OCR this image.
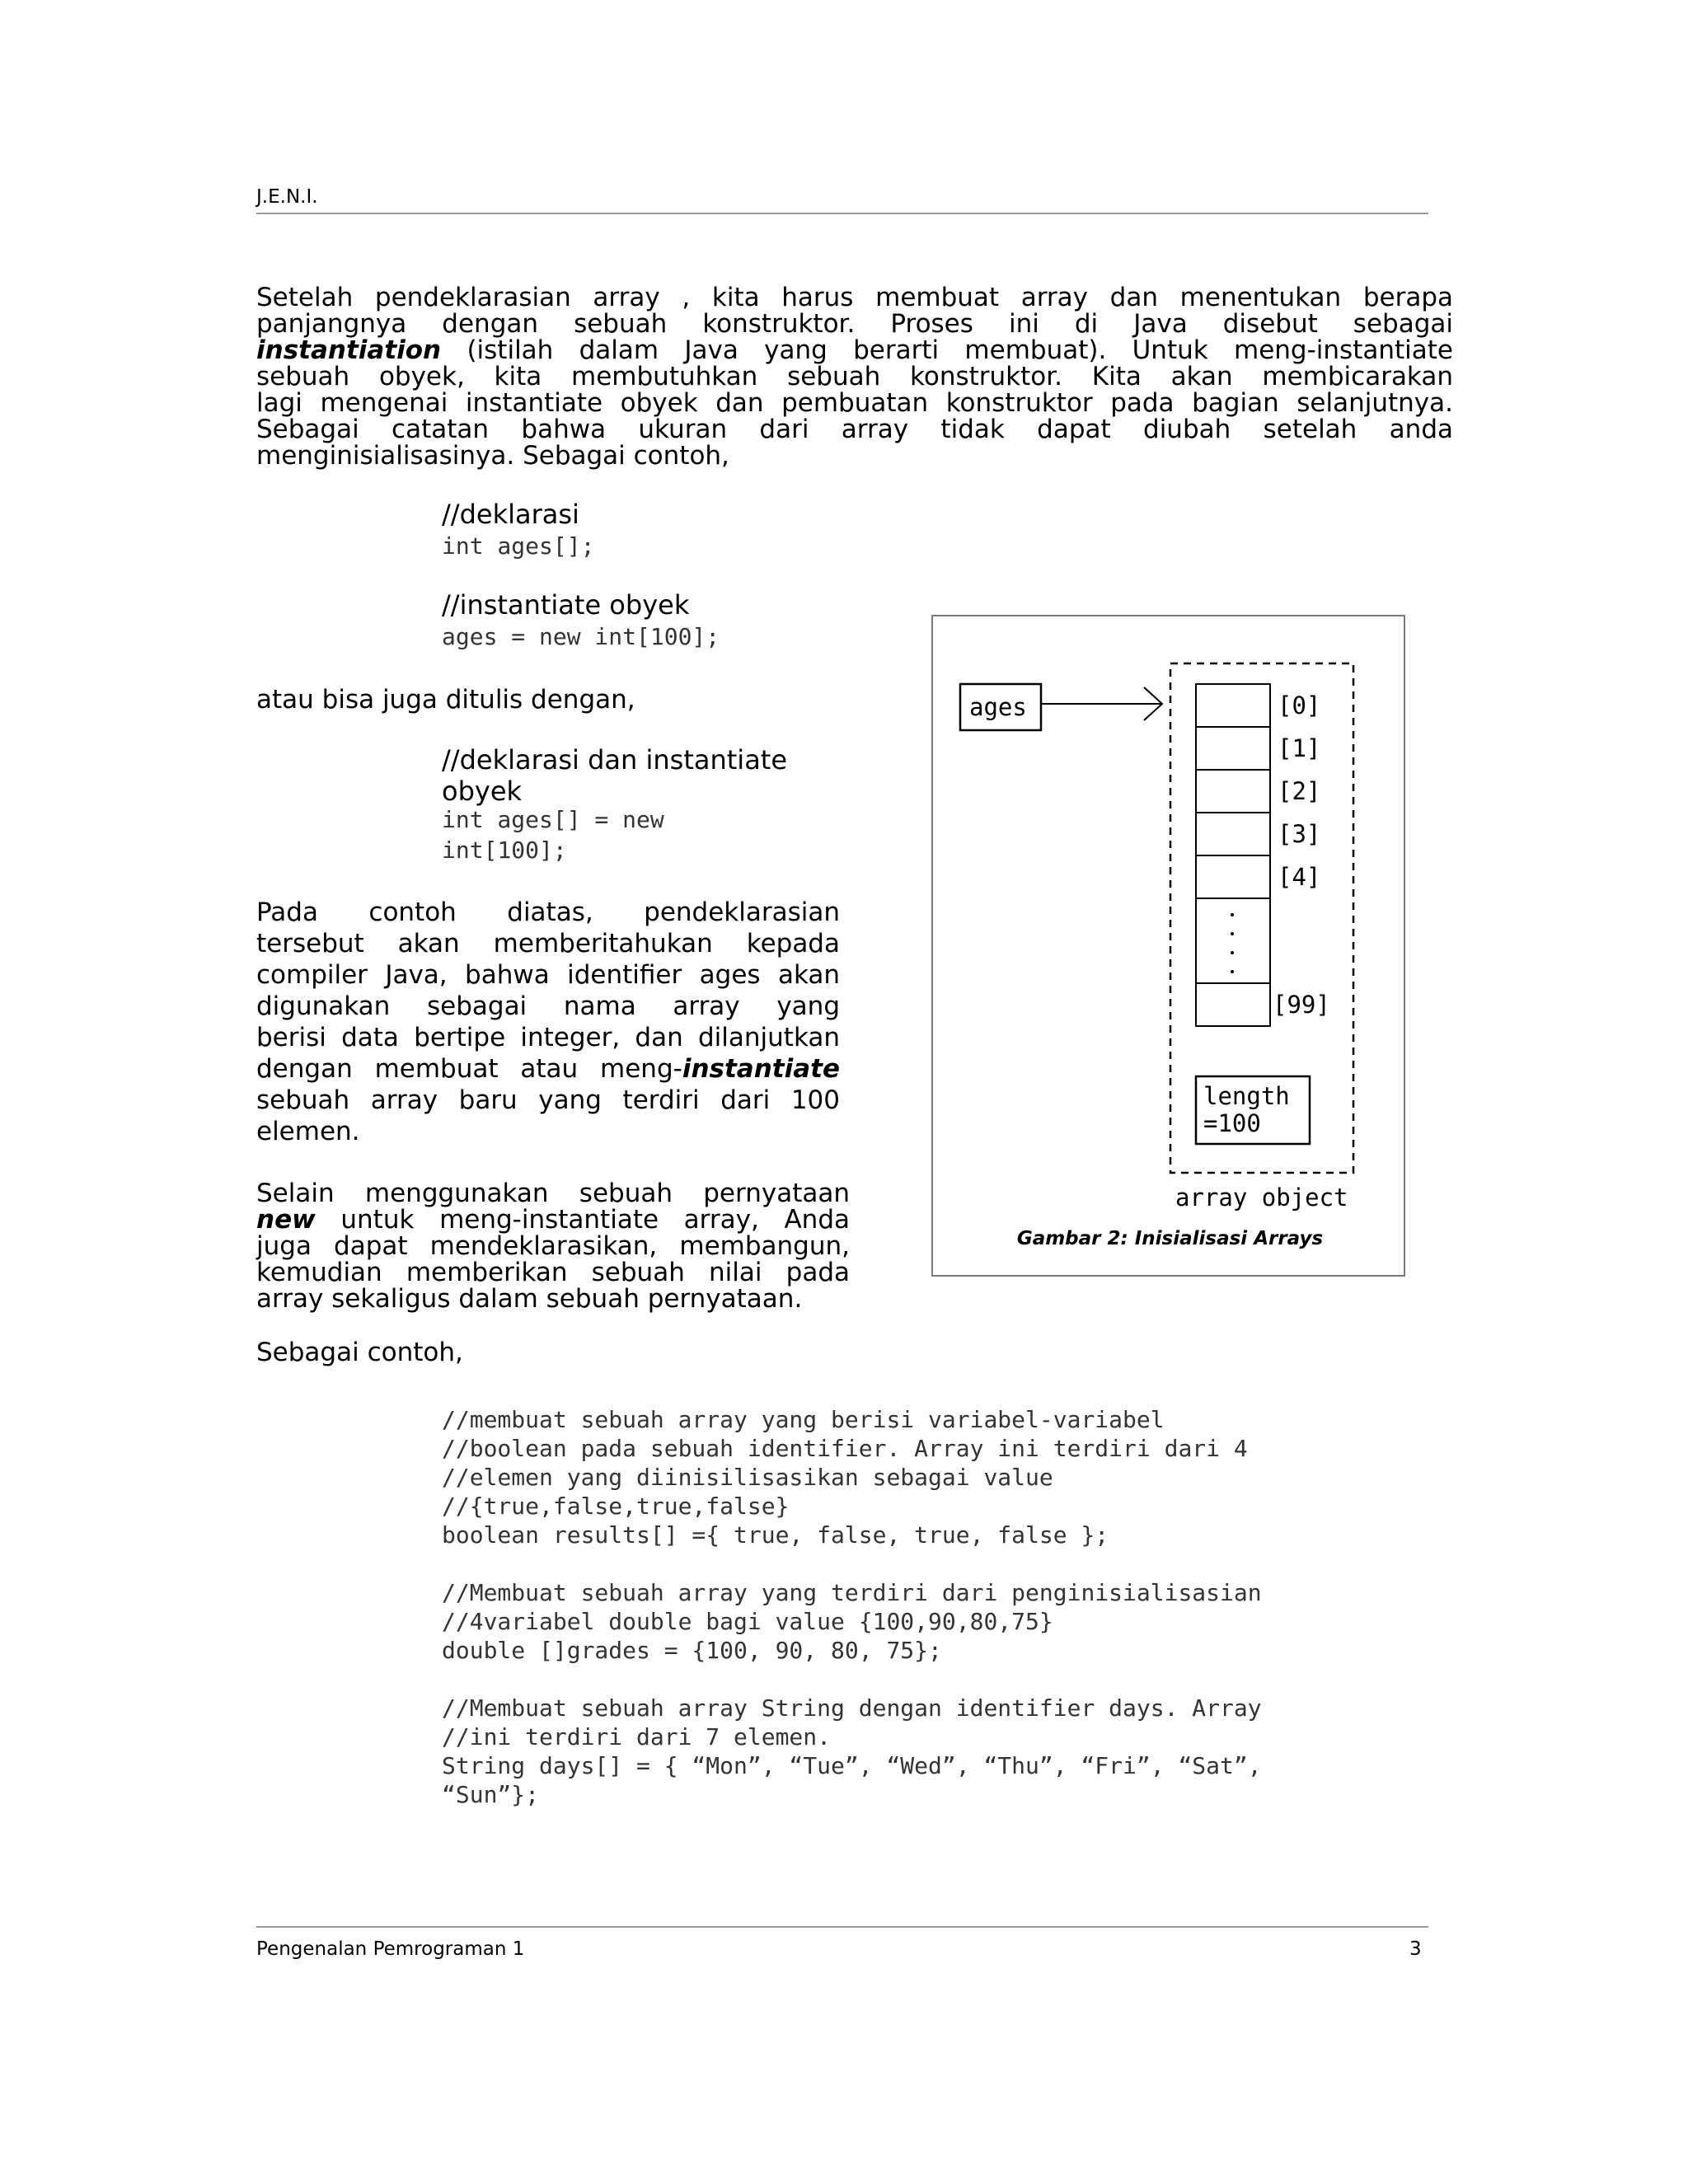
J.E.N.I.
Setelah pendeklarasian array , kita harus membuat array dan menentukan berapa
panjangnya dengan sebuah konstruktor. Proses ini di Java disebut sebagai
instantiation (istilah dalam Java yang berarti membuat). Untuk meng-instantiate
sebuah obyek, kita membutuhkan sebuah konstruktor. Kita akan membicarakan
lagi mengenai instantiate obyek dan pembuatan konstruktor pada bagian selanjutnya.
Sebagai catatan bahwa ukuran dari array tidak dapat diubah setelah anda
menginisialisasinya. Sebagai contoh,
//deklarasi
int ages[];
//instantiate obyek
ages = new int[100];
atau bisa juga ditulis dengan,
//deklarasi dan instantiate
obyek
int ages[] = new
int[100];
Pada contoh diatas, pendeklarasian
tersebut akan memberitahukan kepada
compiler Java, bahwa identifier ages akan
digunakan sebagai nama array yang
berisi data bertipe integer, dan dilanjutkan
dengan membuat atau meng-instantiate
sebuah array baru yang terdiri dari 100
elemen.
Selain menggunakan sebuah pernyataan
new untuk meng-instantiate array, Anda
juga dapat mendeklarasikan, membangun,
kemudian memberikan sebuah nilai pada
array sekaligus dalam sebuah pernyataan.
ages	[0]
[1]
[2]
[3]
[4]
[99]
length
=100
array object
Gambar 2: Inisialisasi Arrays
Sebagai contoh,
//membuat sebuah array yang berisi variabel-variabel
//boolean pada sebuah identifier. Array ini terdiri dari 4
//elemen yang diinisilisasikan sebagai value
//{true,false,true,false}
boolean results[] ={ true, false, true, false };

//Membuat sebuah array yang terdiri dari penginisialisasian
//4variabel double bagi value {100,90,80,75}
double []grades = {100, 90, 80, 75};

//Membuat sebuah array String dengan identifier days. Array
//ini terdiri dari 7 elemen.
String days[] = { “Mon”, “Tue”, “Wed”, “Thu”, “Fri”, “Sat”,
“Sun”};
Pengenalan Pemrograman 1	3
